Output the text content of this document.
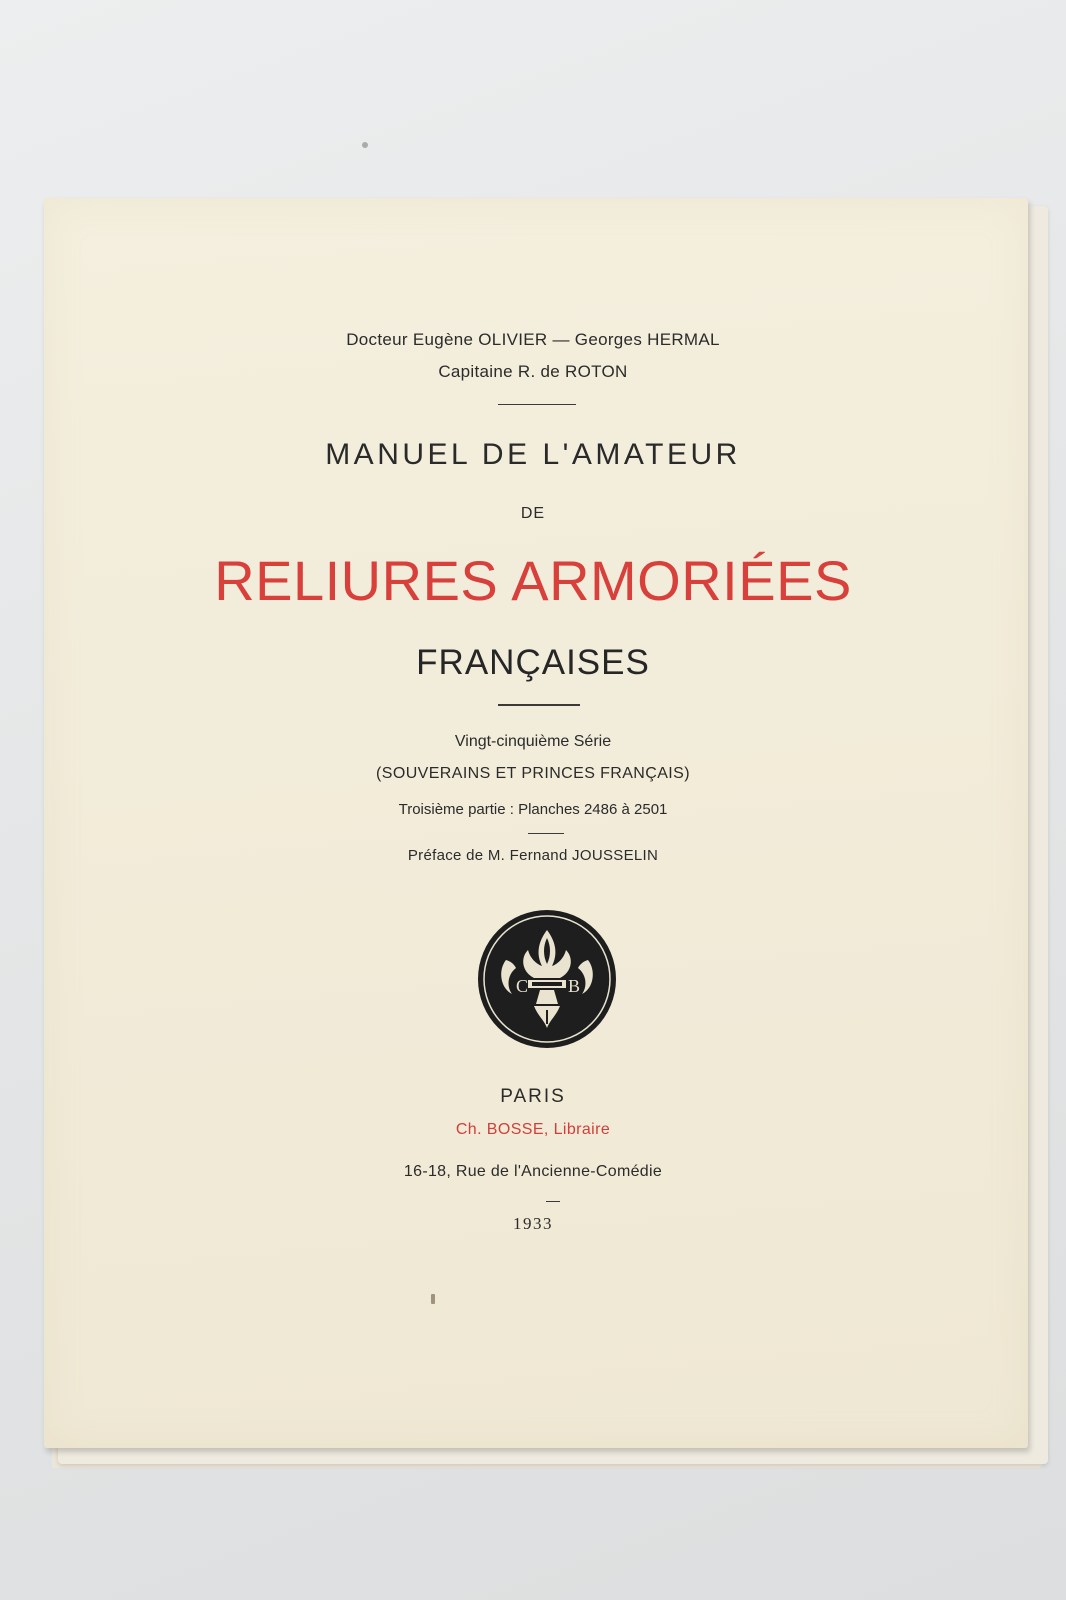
Docteur Eugène OLIVIER — Georges HERMAL
Capitaine R. de ROTON
MANUEL DE L'AMATEUR
DE
RELIURES ARMORIÉES
FRANÇAISES
Vingt-cinquième Série
(SOUVERAINS ET PRINCES FRANÇAIS)
Troisième partie : Planches 2486 à 2501
Préface de M. Fernand JOUSSELIN
C B
PARIS
Ch. BOSSE, Libraire
16-18, Rue de l'Ancienne-Comédie
1933
